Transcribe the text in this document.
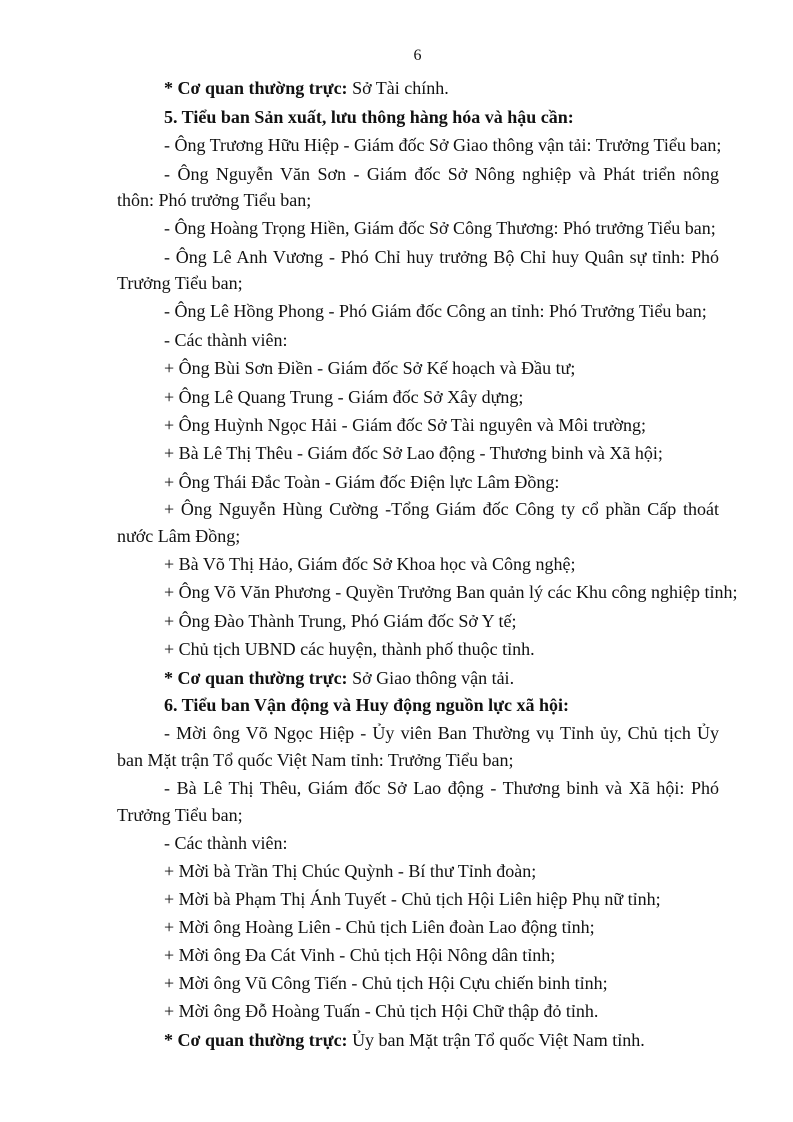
6
* Cơ quan thường trực: Sở Tài chính.
5. Tiểu ban Sản xuất, lưu thông hàng hóa và hậu cần:
- Ông Trương Hữu Hiệp - Giám đốc Sở Giao thông vận tải: Trưởng Tiểu ban;
- Ông Nguyễn Văn Sơn - Giám đốc Sở Nông nghiệp và Phát triển nông
thôn: Phó trưởng Tiểu ban;
- Ông Hoàng Trọng Hiền, Giám đốc Sở Công Thương: Phó trưởng Tiểu ban;
- Ông Lê Anh Vương - Phó Chỉ huy trưởng Bộ Chỉ huy Quân sự tỉnh: Phó
Trưởng Tiểu ban;
- Ông Lê Hồng Phong - Phó Giám đốc Công an tỉnh: Phó Trưởng Tiểu ban;
- Các thành viên:
+ Ông Bùi Sơn Điền - Giám đốc Sở Kế hoạch và Đầu tư;
+ Ông Lê Quang Trung - Giám đốc Sở Xây dựng;
+ Ông Huỳnh Ngọc Hải - Giám đốc Sở Tài nguyên và Môi trường;
+ Bà Lê Thị Thêu - Giám đốc Sở Lao động - Thương binh và Xã hội;
+ Ông Thái Đắc Toàn - Giám đốc Điện lực Lâm Đồng:
+ Ông Nguyễn Hùng Cường -Tổng Giám đốc Công ty cổ phần Cấp thoát
nước Lâm Đồng;
+ Bà Võ Thị Hảo, Giám đốc Sở Khoa học và Công nghệ;
+ Ông Võ Văn Phương - Quyền Trưởng Ban quản lý các Khu công nghiệp tỉnh;
+ Ông Đào Thành Trung, Phó Giám đốc Sở Y tế;
+ Chủ tịch UBND các huyện, thành phố thuộc tỉnh.
* Cơ quan thường trực: Sở Giao thông vận tải.
6. Tiểu ban Vận động và Huy động nguồn lực xã hội:
- Mời ông Võ Ngọc Hiệp - Ủy viên Ban Thường vụ Tỉnh ủy, Chủ tịch Ủy
ban Mặt trận Tổ quốc Việt Nam tỉnh: Trưởng Tiểu ban;
- Bà Lê Thị Thêu, Giám đốc Sở Lao động - Thương binh và Xã hội: Phó
Trưởng Tiểu ban;
- Các thành viên:
+ Mời bà Trần Thị Chúc Quỳnh - Bí thư Tỉnh đoàn;
+ Mời bà Phạm Thị Ánh Tuyết - Chủ tịch Hội Liên hiệp Phụ nữ tỉnh;
+ Mời ông Hoàng Liên - Chủ tịch Liên đoàn Lao động tỉnh;
+ Mời ông Đa Cát Vinh - Chủ tịch Hội Nông dân tỉnh;
+ Mời ông Vũ Công Tiến - Chủ tịch Hội Cựu chiến binh tỉnh;
+ Mời ông Đỗ Hoàng Tuấn - Chủ tịch Hội Chữ thập đỏ tỉnh.
* Cơ quan thường trực: Ủy ban Mặt trận Tổ quốc Việt Nam tỉnh.
